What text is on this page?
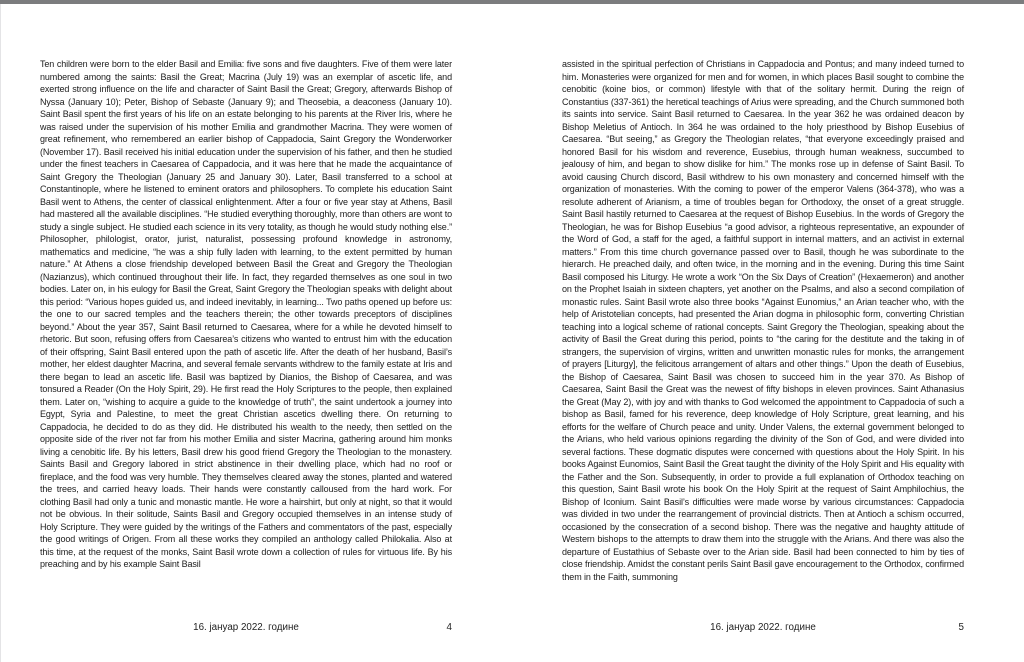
Ten children were born to the elder Basil and Emilia: five sons and five daughters. Five of them were later numbered among the saints: Basil the Great; Macrina (July 19) was an exemplar of ascetic life, and exerted strong influence on the life and character of Saint Basil the Great; Gregory, afterwards Bishop of Nyssa (January 10); Peter, Bishop of Sebaste (January 9); and Theosebia, a deaconess (January 10). Saint Basil spent the first years of his life on an estate belonging to his parents at the River Iris, where he was raised under the supervision of his mother Emilia and grandmother Macrina. They were women of great refinement, who remembered an earlier bishop of Cappadocia, Saint Gregory the Wonderworker (November 17). Basil received his initial education under the supervision of his father, and then he studied under the finest teachers in Caesarea of Cappadocia, and it was here that he made the acquaintance of Saint Gregory the Theologian (January 25 and January 30). Later, Basil transferred to a school at Constantinople, where he listened to eminent orators and philosophers. To complete his education Saint Basil went to Athens, the center of classical enlightenment. After a four or five year stay at Athens, Basil had mastered all the available disciplines. “He studied everything thoroughly, more than others are wont to study a single subject. He studied each science in its very totality, as though he would study nothing else.” Philosopher, philologist, orator, jurist, naturalist, possessing profound knowledge in astronomy, mathematics and medicine, “he was a ship fully laden with learning, to the extent permitted by human nature.” At Athens a close friendship developed between Basil the Great and Gregory the Theologian (Nazianzus), which continued throughout their life. In fact, they regarded themselves as one soul in two bodies. Later on, in his eulogy for Basil the Great, Saint Gregory the Theologian speaks with delight about this period: “Various hopes guided us, and indeed inevitably, in learning... Two paths opened up before us: the one to our sacred temples and the teachers therein; the other towards preceptors of disciplines beyond.” About the year 357, Saint Basil returned to Caesarea, where for a while he devoted himself to rhetoric. But soon, refusing offers from Caesarea’s citizens who wanted to entrust him with the education of their offspring, Saint Basil entered upon the path of ascetic life. After the death of her husband, Basil’s mother, her eldest daughter Macrina, and several female servants withdrew to the family estate at Iris and there began to lead an ascetic life. Basil was baptized by Dianios, the Bishop of Caesarea, and was tonsured a Reader (On the Holy Spirit, 29). He first read the Holy Scriptures to the people, then explained them. Later on, “wishing to acquire a guide to the knowledge of truth”, the saint undertook a journey into Egypt, Syria and Palestine, to meet the great Christian ascetics dwelling there. On returning to Cappadocia, he decided to do as they did. He distributed his wealth to the needy, then settled on the opposite side of the river not far from his mother Emilia and sister Macrina, gathering around him monks living a cenobitic life. By his letters, Basil drew his good friend Gregory the Theologian to the monastery. Saints Basil and Gregory labored in strict abstinence in their dwelling place, which had no roof or fireplace, and the food was very humble. They themselves cleared away the stones, planted and watered the trees, and carried heavy loads. Their hands were constantly calloused from the hard work. For clothing Basil had only a tunic and monastic mantle. He wore a hairshirt, but only at night, so that it would not be obvious. In their solitude, Saints Basil and Gregory occupied themselves in an intense study of Holy Scripture. They were guided by the writings of the Fathers and commentators of the past, especially the good writings of Origen. From all these works they compiled an anthology called Philokalia. Also at this time, at the request of the monks, Saint Basil wrote down a collection of rules for virtuous life. By his preaching and by his example Saint Basil
16. јануар 2022. године	4
assisted in the spiritual perfection of Christians in Cappadocia and Pontus; and many indeed turned to him. Monasteries were organized for men and for women, in which places Basil sought to combine the cenobitic (koine bios, or common) lifestyle with that of the solitary hermit. During the reign of Constantius (337-361) the heretical teachings of Arius were spreading, and the Church summoned both its saints into service. Saint Basil returned to Caesarea. In the year 362 he was ordained deacon by Bishop Meletius of Antioch. In 364 he was ordained to the holy priesthood by Bishop Eusebius of Caesarea. “But seeing,” as Gregory the Theologian relates, “that everyone exceedingly praised and honored Basil for his wisdom and reverence, Eusebius, through human weakness, succumbed to jealousy of him, and began to show dislike for him.” The monks rose up in defense of Saint Basil. To avoid causing Church discord, Basil withdrew to his own monastery and concerned himself with the organization of monasteries. With the coming to power of the emperor Valens (364-378), who was a resolute adherent of Arianism, a time of troubles began for Orthodoxy, the onset of a great struggle. Saint Basil hastily returned to Caesarea at the request of Bishop Eusebius. In the words of Gregory the Theologian, he was for Bishop Eusebius “a good advisor, a righteous representative, an expounder of the Word of God, a staff for the aged, a faithful support in internal matters, and an activist in external matters.” From this time church governance passed over to Basil, though he was subordinate to the hierarch. He preached daily, and often twice, in the morning and in the evening. During this time Saint Basil composed his Liturgy. He wrote a work “On the Six Days of Creation” (Hexaemeron) and another on the Prophet Isaiah in sixteen chapters, yet another on the Psalms, and also a second compilation of monastic rules. Saint Basil wrote also three books “Against Eunomius,” an Arian teacher who, with the help of Aristotelian concepts, had presented the Arian dogma in philosophic form, converting Christian teaching into a logical scheme of rational concepts. Saint Gregory the Theologian, speaking about the activity of Basil the Great during this period, points to “the caring for the destitute and the taking in of strangers, the supervision of virgins, written and unwritten monastic rules for monks, the arrangement of prayers [Liturgy], the felicitous arrangement of altars and other things.” Upon the death of Eusebius, the Bishop of Caesarea, Saint Basil was chosen to succeed him in the year 370. As Bishop of Caesarea, Saint Basil the Great was the newest of fifty bishops in eleven provinces. Saint Athanasius the Great (May 2), with joy and with thanks to God welcomed the appointment to Cappadocia of such a bishop as Basil, famed for his reverence, deep knowledge of Holy Scripture, great learning, and his efforts for the welfare of Church peace and unity. Under Valens, the external government belonged to the Arians, who held various opinions regarding the divinity of the Son of God, and were divided into several factions. These dogmatic disputes were concerned with questions about the Holy Spirit. In his books Against Eunomios, Saint Basil the Great taught the divinity of the Holy Spirit and His equality with the Father and the Son. Subsequently, in order to provide a full explanation of Orthodox teaching on this question, Saint Basil wrote his book On the Holy Spirit at the request of Saint Amphilochius, the Bishop of Iconium. Saint Basil’s difficulties were made worse by various circumstances: Cappadocia was divided in two under the rearrangement of provincial districts. Then at Antioch a schism occurred, occasioned by the consecration of a second bishop. There was the negative and haughty attitude of Western bishops to the attempts to draw them into the struggle with the Arians. And there was also the departure of Eustathius of Sebaste over to the Arian side. Basil had been connected to him by ties of close friendship. Amidst the constant perils Saint Basil gave encouragement to the Orthodox, confirmed them in the Faith, summoning
16. јануар 2022. године	5
